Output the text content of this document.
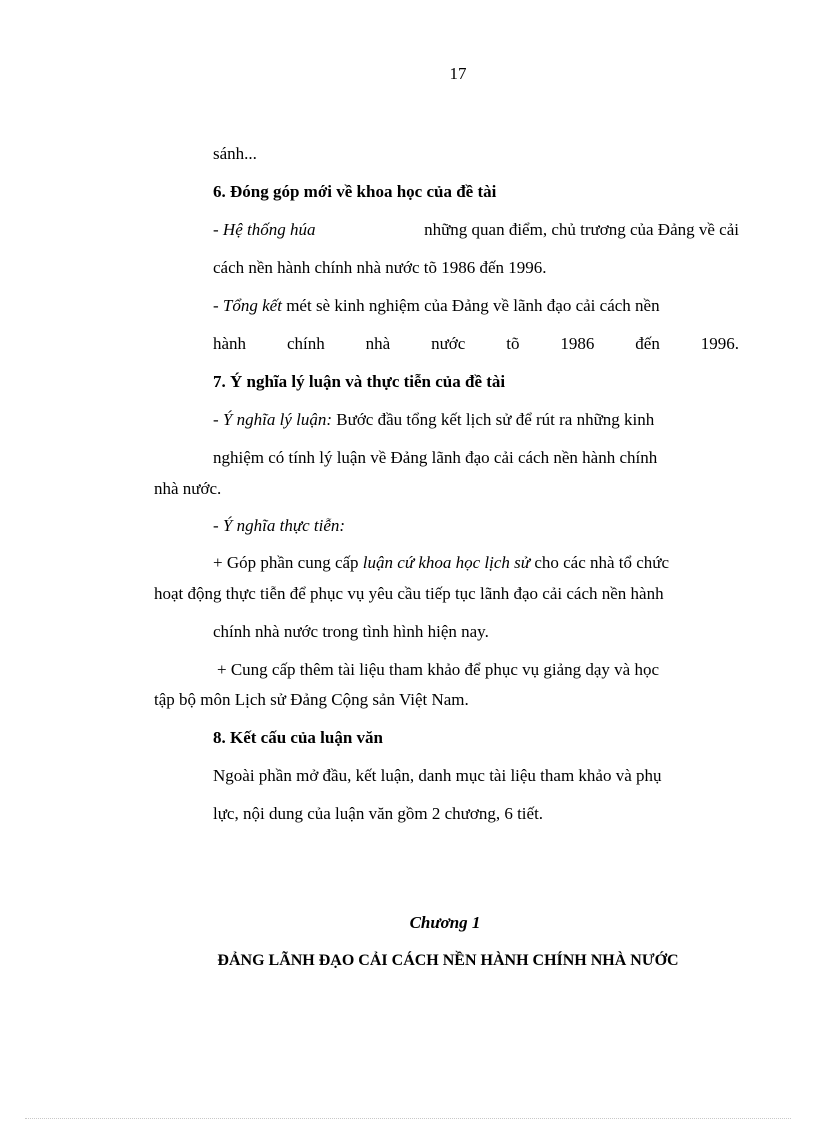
17
sánh...
6. Đóng góp mới về khoa học của đề tài
- Hệ thống húa	những quan điểm, chủ trương của Đảng về cải
cách nền hành chính nhà nước tõ 1986 đến 1996.
- Tổng kết mét sè kinh nghiệm của Đảng về lãnh đạo cải cách nền
hành chính nhà nước tõ 1986 đến 1996.
7. Ý nghĩa lý luận và thực tiễn của đề tài
- Ý nghĩa lý luận: Bước đầu tổng kết lịch sử để rút ra những kinh
nghiệm có tính lý luận về Đảng lãnh đạo cải cách nền hành chính
nhà nước.
- Ý nghĩa thực tiễn:
+ Góp phần cung cấp luận cứ khoa học lịch sử cho các nhà tổ chức
hoạt động thực tiễn để phục vụ yêu cầu tiếp tục lãnh đạo cải cách nền hành
chính nhà nước trong tình hình hiện nay.
+ Cung cấp thêm tài liệu tham khảo để phục vụ giảng dạy và học
tập bộ môn Lịch sử Đảng Cộng sản Việt Nam.
8. Kết cấu của luận văn
Ngoài phần mở đầu, kết luận, danh mục tài liệu tham khảo và phụ
lực, nội dung của luận văn gồm 2 chương, 6 tiết.
Chương 1
ĐẢNG LÃNH ĐẠO CẢI CÁCH NỀN HÀNH CHÍNH NHÀ NƯỚC
